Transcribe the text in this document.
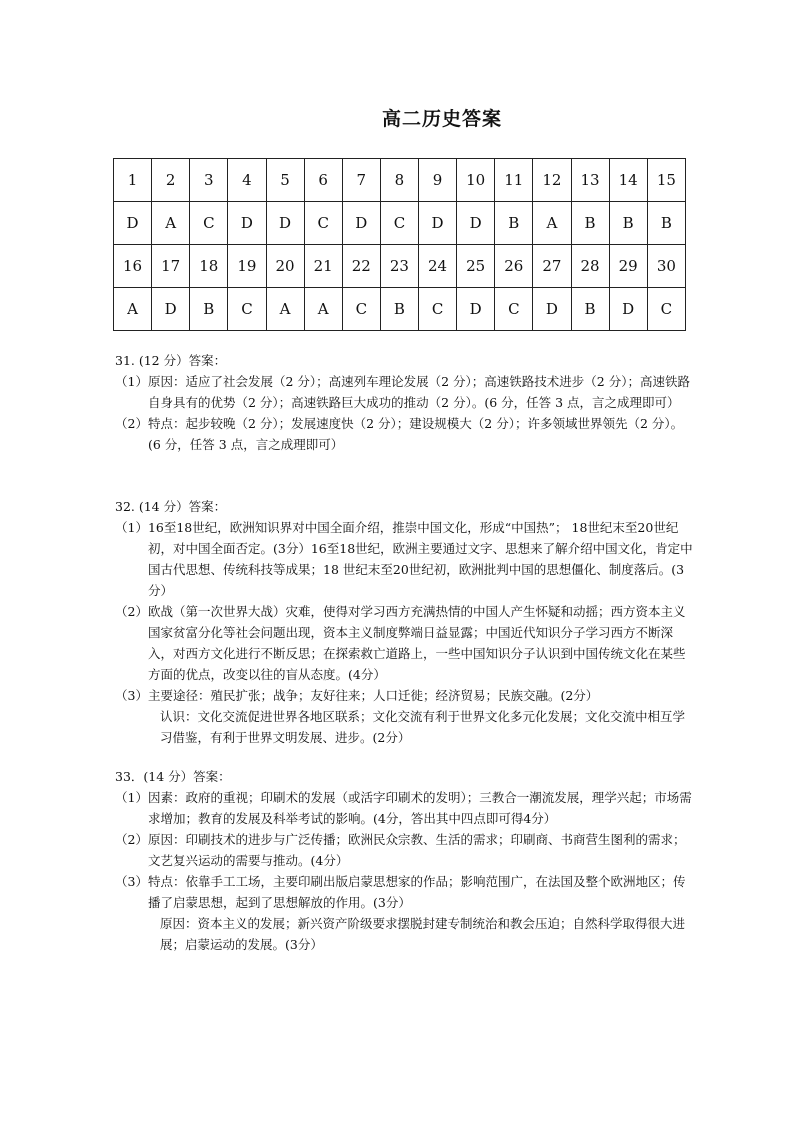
高二历史答案
1	2	3	4	5	6	7	8	9	10	11	12	13	14	15
D	A	C	D	D	C	D	C	D	D	B	A	B	B	B
16	17	18	19	20	21	22	23	24	25	26	27	28	29	30
A	D	B	C	A	A	C	B	C	D	C	D	B	D	C

31. (12 分）答案：

（1）原因：适应了社会发展（2 分）；高速列车理论发展（2 分）；高速铁路技术进步（2 分）；高速铁路自身具有的优势（2 分）；高速铁路巨大成功的推动（2 分）。(6 分，任答 3 点，言之成理即可）

（2）特点：起步较晚（2 分）；发展速度快（2 分）；建设规模大（2 分）；许多领域世界领先（2 分）。(6 分，任答 3 点，言之成理即可）

32. (14 分）答案：

（1）16至18世纪，欧洲知识界对中国全面介绍，推崇中国文化，形成“中国热”； 18世纪末至20世纪初，对中国全面否定。(3分）16至18世纪，欧洲主要通过文字、思想来了解介绍中国文化，肯定中国古代思想、传统科技等成果；18 世纪末至20世纪初，欧洲批判中国的思想僵化、制度落后。(3分）

（2）欧战（第一次世界大战）灾难，使得对学习西方充满热情的中国人产生怀疑和动摇；西方资本主义国家贫富分化等社会问题出现，资本主义制度弊端日益显露；中国近代知识分子学习西方不断深入，对西方文化进行不断反思；在探索救亡道路上，一些中国知识分子认识到中国传统文化在某些方面的优点，改变以往的盲从态度。(4分）

（3）主要途径：殖民扩张；战争；友好往来；人口迁徙；经济贸易；民族交融。(2分）

认识：文化交流促进世界各地区联系；文化交流有利于世界文化多元化发展；文化交流中相互学习借鉴，有利于世界文明发展、进步。(2分）

33．(14 分）答案：

（1）因素：政府的重视；印刷术的发展（或活字印刷术的发明）；三教合一潮流发展，理学兴起；市场需求增加；教育的发展及科举考试的影响。(4分，答出其中四点即可得4分）

（2）原因：印刷技术的进步与广泛传播；欧洲民众宗教、生活的需求；印刷商、书商营生图利的需求；文艺复兴运动的需要与推动。(4分）

（3）特点：依靠手工工场，主要印刷出版启蒙思想家的作品；影响范围广，在法国及整个欧洲地区；传播了启蒙思想，起到了思想解放的作用。(3分）

原因：资本主义的发展；新兴资产阶级要求摆脱封建专制统治和教会压迫；自然科学取得很大进展；启蒙运动的发展。(3分）
